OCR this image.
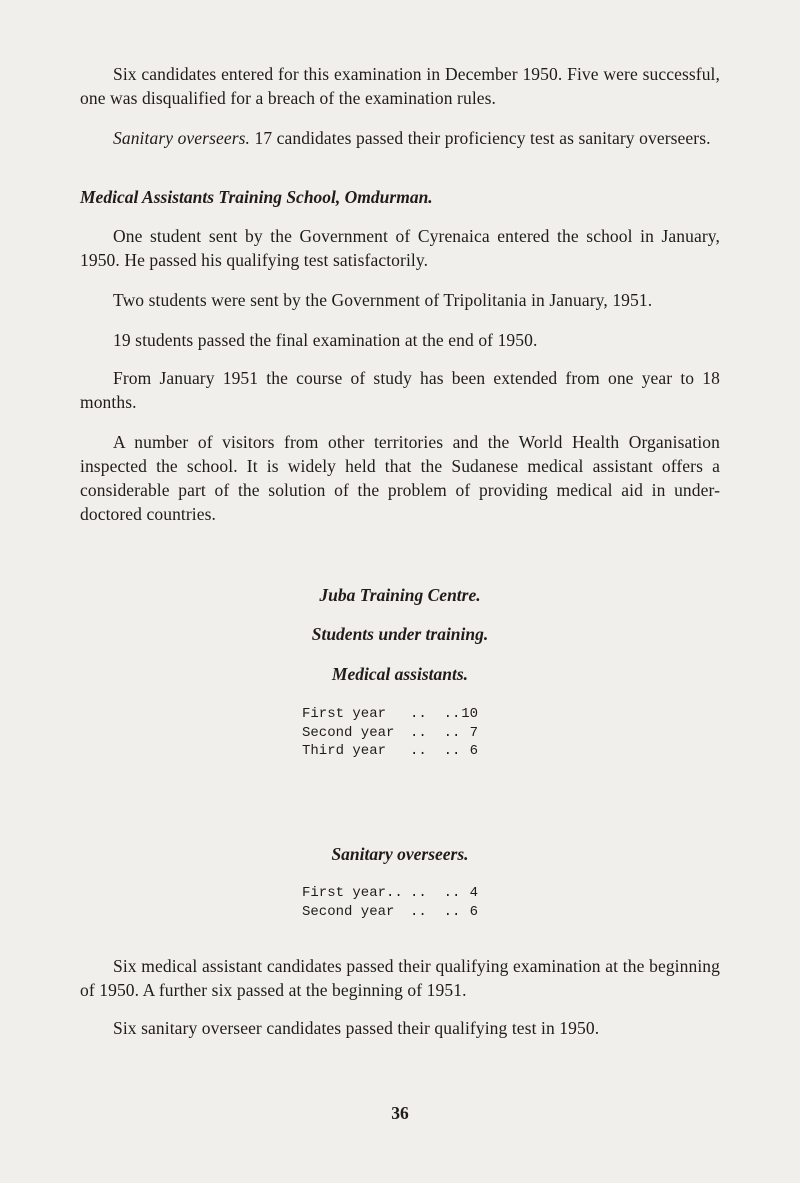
Six candidates entered for this examination in December 1950. Five were successful, one was disqualified for a breach of the examination rules.

Sanitary overseers. 17 candidates passed their proficiency test as sanitary overseers.

Medical Assistants Training School, Omdurman.

One student sent by the Government of Cyrenaica entered the school in January, 1950. He passed his qualifying test satisfactorily.

Two students were sent by the Government of Tripolitania in January, 1951.

19 students passed the final examination at the end of 1950.

From January 1951 the course of study has been extended from one year to 18 months.

A number of visitors from other territories and the World Health Organisation inspected the school. It is widely held that the Sudanese medical assistant offers a considerable part of the solution of the problem of providing medical aid in under-doctored countries.

Juba Training Centre.

Students under training.

Medical assistants.

First year	..  .. 10
Second year	..  .. 7
Third year	..  .. 6

Sanitary overseers.

First year.. ..  .. 4
Second year	..  .. 6

Six medical assistant candidates passed their qualifying examination at the beginning of 1950. A further six passed at the beginning of 1951.

Six sanitary overseer candidates passed their qualifying test in 1950.

36
